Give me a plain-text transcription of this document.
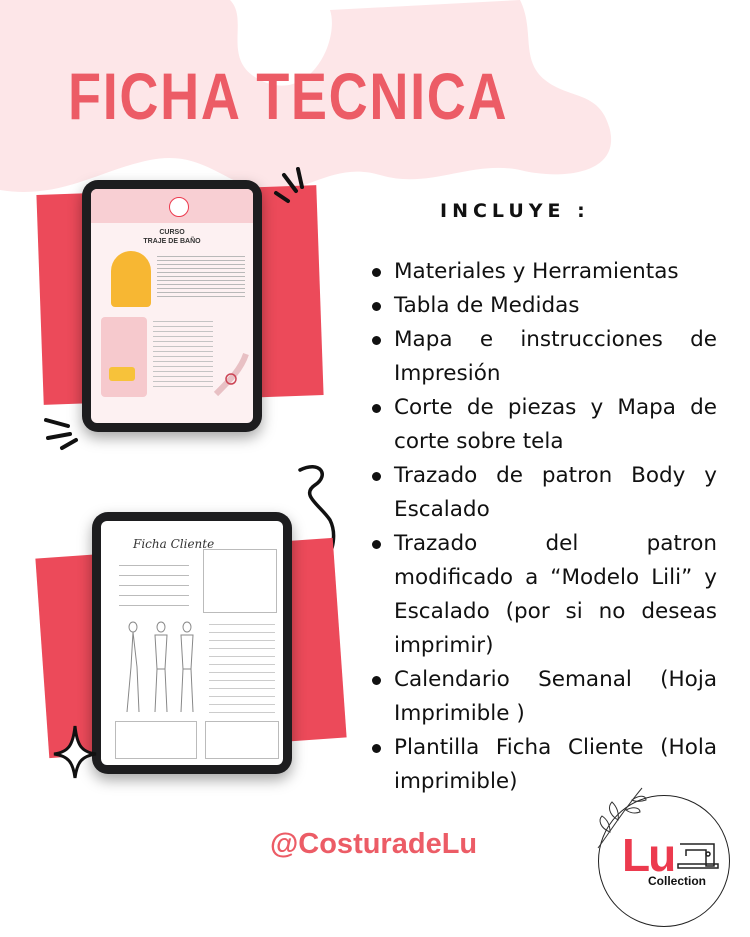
FICHA TECNICA
CURSO
TRAJE DE BAÑO
Ficha Cliente
INCLUYE :
Materiales y Herramientas
Tabla de Medidas
Mapa e instrucciones de Impresión
Corte de piezas y Mapa de corte sobre tela
Trazado de patron Body y Escalado
Trazado del patron modificado a “Modelo Lili” y Escalado (por si no deseas imprimir)
Calendario Semanal (Hoja Imprimible )
Plantilla Ficha Cliente (Hola imprimible)
@CosturadeLu	Lu
Collection
